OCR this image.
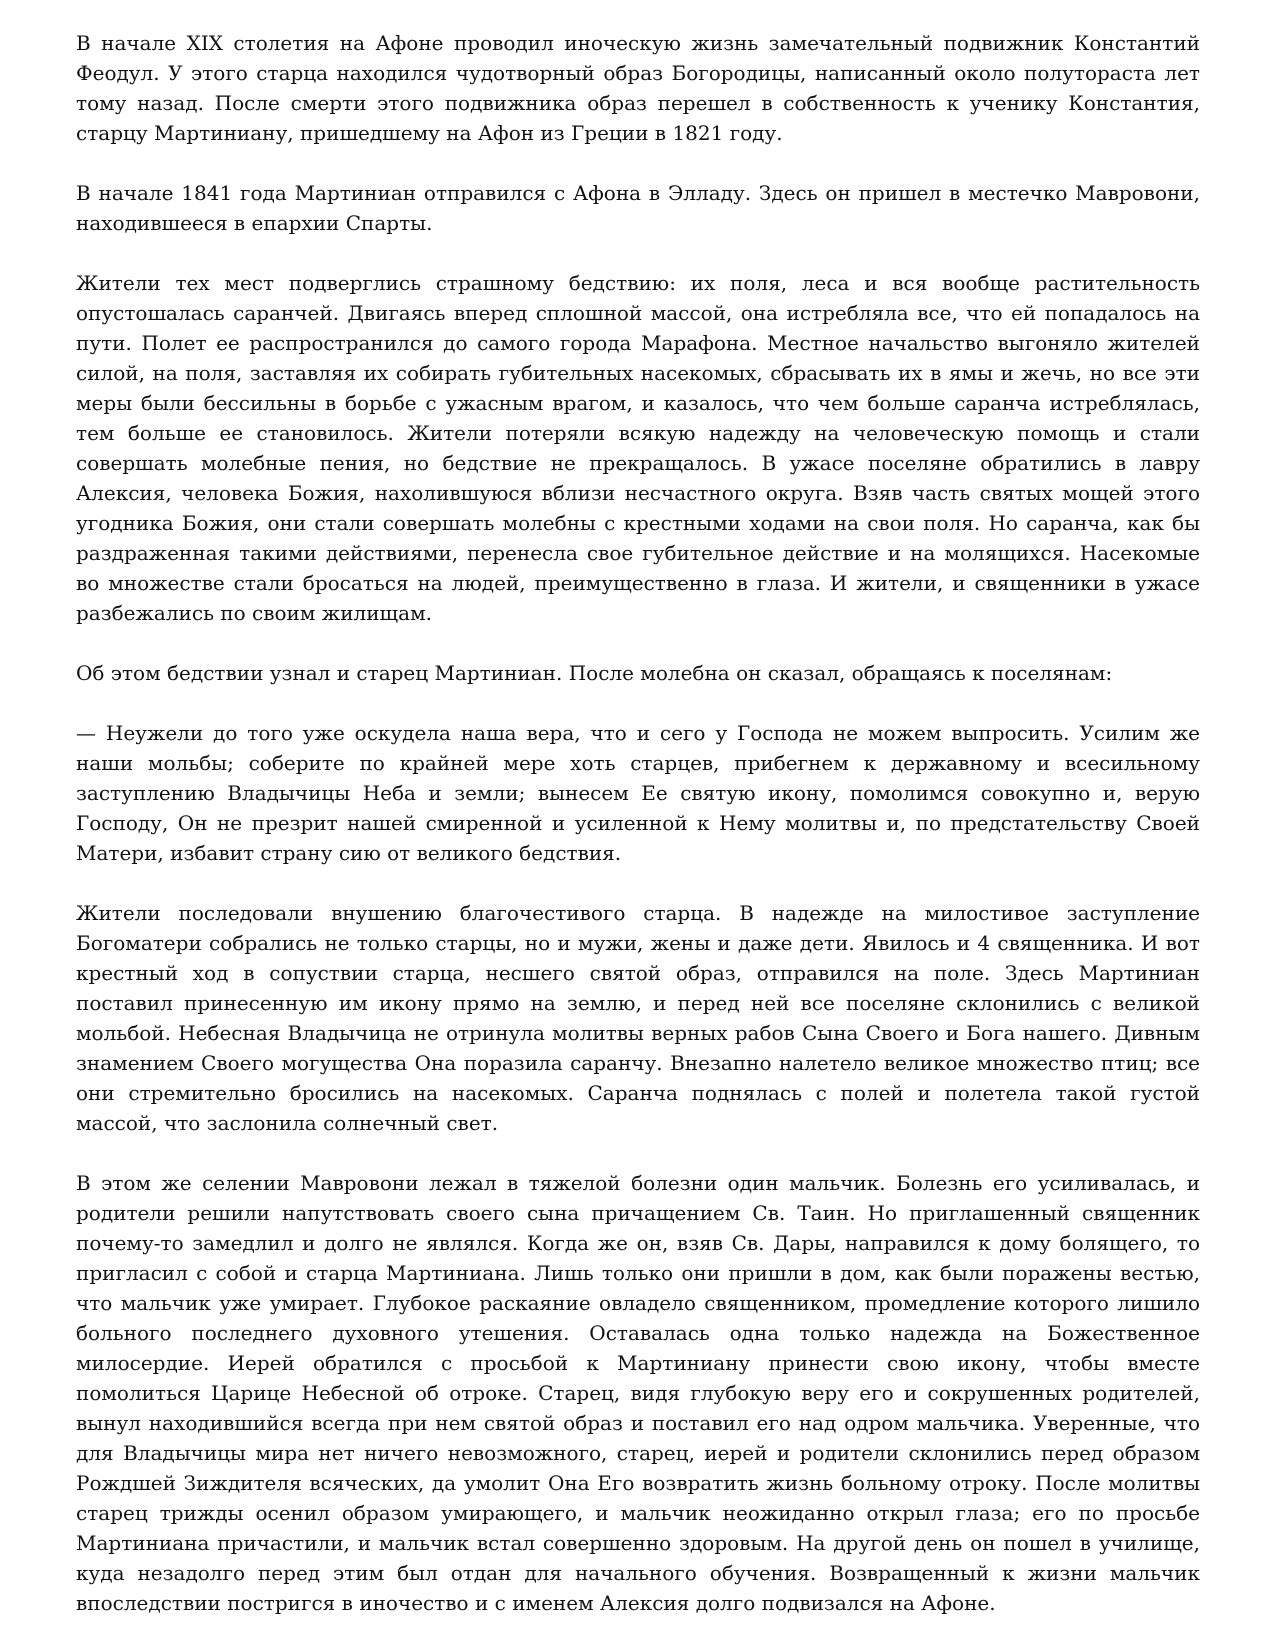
В начале XIX столетия на Афоне проводил иноческую жизнь замечательный подвижник Константий Феодул. У этого старца находился чудотворный образ Богородицы, написанный около полутораста лет тому назад. После смерти этого подвижника образ перешел в собственность к ученику Константия, старцу Мартиниану, пришедшему на Афон из Греции в 1821 году.

В начале 1841 года Мартиниан отправился с Афона в Элладу. Здесь он пришел в местечко Мавровони, находившееся в епархии Спарты.

Жители тех мест подверглись страшному бедствию: их поля, леса и вся вообще растительность опустошалась саранчей. Двигаясь вперед сплошной массой, она истребляла все, что ей попадалось на пути. Полет ее распространился до самого города Марафона. Местное начальство выгоняло жителей силой, на поля, заставляя их собирать губительных насекомых, сбрасывать их в ямы и жечь, но все эти меры были бессильны в борьбе с ужасным врагом, и казалось, что чем больше саранча истреблялась, тем больше ее становилось. Жители потеряли всякую надежду на человеческую помощь и стали совершать молебные пения, но бедствие не прекращалось. В ужасе поселяне обратились в лавру Алексия, человека Божия, нахолившуюся вблизи несчастного округа. Взяв часть святых мощей этого угодника Божия, они стали совершать молебны с крестными ходами на свои поля. Но саранча, как бы раздраженная такими действиями, перенесла свое губительное действие и на молящихся. Насекомые во множестве стали бросаться на людей, преимущественно в глаза. И жители, и священники в ужасе разбежались по своим жилищам.

Об этом бедствии узнал и старец Мартиниан. После молебна он сказал, обращаясь к поселянам:

— Неужели до того уже оскудела наша вера, что и сего у Господа не можем выпросить. Усилим же наши мольбы; соберите по крайней мере хоть старцев, прибегнем к державному и всесильному заступлению Владычицы Неба и земли; вынесем Ее святую икону, помолимся совокупно и, верую Господу, Он не презрит нашей смиренной и усиленной к Нему молитвы и, по предстательству Своей Матери, избавит страну сию от великого бедствия.

Жители последовали внушению благочестивого старца. В надежде на милостивое заступление Богоматери собрались не только старцы, но и мужи, жены и даже дети. Явилось и 4 священника. И вот крестный ход в сопуствии старца, несшего святой образ, отправился на поле. Здесь Мартиниан поставил принесенную им икону прямо на землю, и перед ней все поселяне склонились с великой мольбой. Небесная Владычица не отринула молитвы верных рабов Сына Своего и Бога нашего. Дивным знамением Своего могущества Она поразила саранчу. Внезапно налетело великое множество птиц; все они стремительно бросились на насекомых. Саранча поднялась с полей и полетела такой густой массой, что заслонила солнечный свет.

В этом же селении Мавровони лежал в тяжелой болезни один мальчик. Болезнь его усиливалась, и родители решили напутствовать своего сына причащением Св. Таин. Но приглашенный священник почему-то замедлил и долго не являлся. Когда же он, взяв Св. Дары, направился к дому болящего, то пригласил с собой и старца Мартиниана. Лишь только они пришли в дом, как были поражены вестью, что мальчик уже умирает. Глубокое раскаяние овладело священником, промедление которого лишило больного последнего духовного утешения. Оставалась одна только надежда на Божественное милосердие. Иерей обратился с просьбой к Мартиниану принести свою икону, чтобы вместе помолиться Царице Небесной об отроке. Старец, видя глубокую веру его и сокрушенных родителей, вынул находившийся всегда при нем святой образ и поставил его над одром мальчика. Уверенные, что для Владычицы мира нет ничего невозможного, старец, иерей и родители склонились перед образом Рождшей Зиждителя всяческих, да умолит Она Его возвратить жизнь больному отроку. После молитвы старец трижды осенил образом умирающего, и мальчик неожиданно открыл глаза; его по просьбе Мартиниана причастили, и мальчик встал совершенно здоровым. На другой день он пошел в училище, куда незадолго перед этим был отдан для начального обучения. Возвращенный к жизни мальчик впоследствии постригся в иночество и с именем Алексия долго подвизался на Афоне.
